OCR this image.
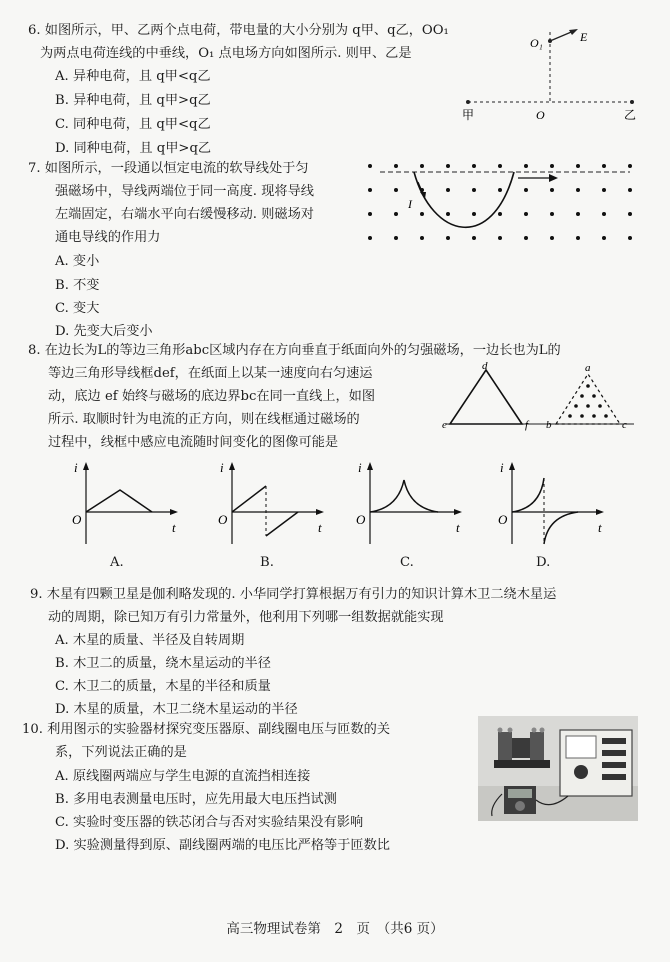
6. 如图所示，甲、乙两个点电荷，带电量的大小分别为 q甲、q乙，OO₁
为两点电荷连线的中垂线，O₁ 点电场方向如图所示. 则甲、乙是
A. 异种电荷，且 q甲<q乙
B. 异种电荷，且 q甲>q乙
C. 同种电荷，且 q甲<q乙
D. 同种电荷，且 q甲>q乙
O₁	E
甲	O	乙
7. 如图所示，一段通以恒定电流的软导线处于匀
强磁场中，导线两端位于同一高度. 现将导线
左端固定，右端水平向右缓慢移动. 则磁场对
通电导线的作用力
A. 变小
B. 不变
C. 变大
D. 先变大后变小
I
8. 在边长为L的等边三角形abc区域内存在方向垂直于纸面向外的匀强磁场，一边长也为L的
等边三角形导线框def，在纸面上以某一速度向右匀速运
动，底边 ef 始终与磁场的底边界bc在同一直线上，如图
所示. 取顺时针为电流的正方向，则在线框通过磁场的
过程中，线框中感应电流随时间变化的图像可能是
d
e	f
a
b	c
i
O
t
A.
i
O
t
B.
i
O
t
C.
i
O
t
D.
9. 木星有四颗卫星是伽利略发现的. 小华同学打算根据万有引力的知识计算木卫二绕木星运
动的周期，除已知万有引力常量外，他利用下列哪一组数据就能实现
A. 木星的质量、半径及自转周期
B. 木卫二的质量，绕木星运动的半径
C. 木卫二的质量，木星的半径和质量
D. 木星的质量，木卫二绕木星运动的半径
10. 利用图示的实验器材探究变压器原、副线圈电压与匝数的关
系，下列说法正确的是
A. 原线圈两端应与学生电源的直流挡相连接
B. 多用电表测量电压时，应先用最大电压挡试测
C. 实验时变压器的铁芯闭合与否对实验结果没有影响
D. 实验测量得到原、副线圈两端的电压比严格等于匝数比
高三物理试卷第　2　页　（共6 页）
